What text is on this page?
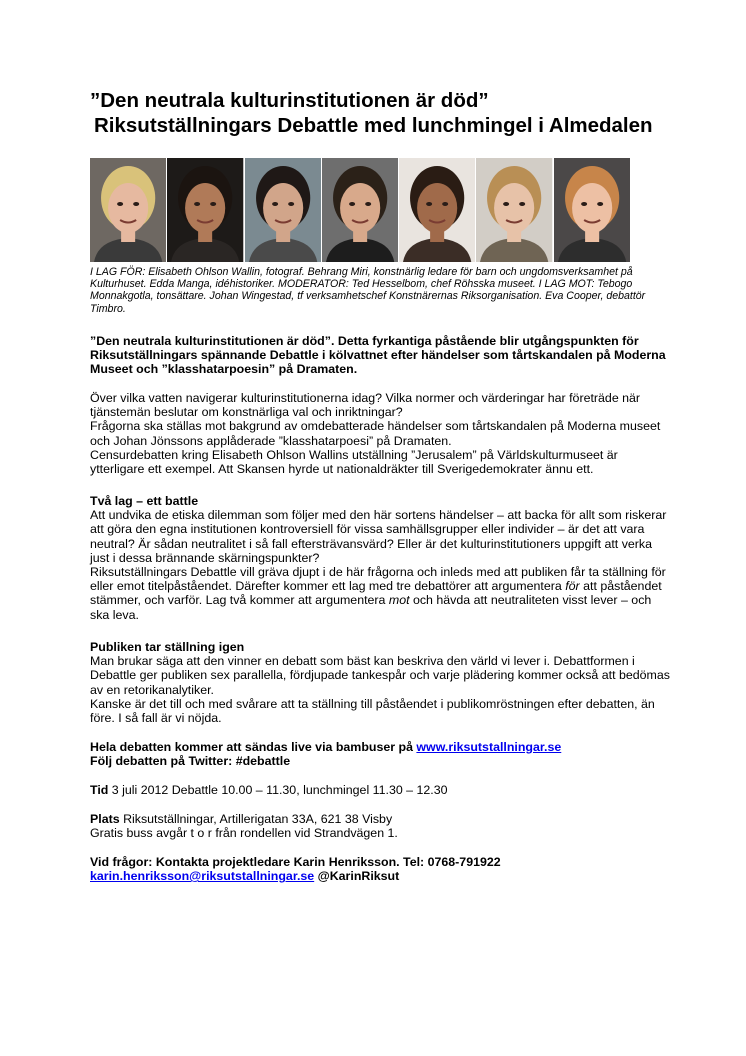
”Den neutrala kulturinstitutionen är död”
Riksutställningars Debattle med lunchmingel i Almedalen

I LAG FÖR: Elisabeth Ohlson Wallin, fotograf. Behrang Miri, konstnärlig ledare för barn och ungdomsverksamhet på Kulturhuset. Edda Manga, idéhistoriker. MODERATOR: Ted Hesselbom, chef Röhsska museet. I LAG MOT: Tebogo Monnakgotla, tonsättare. Johan Wingestad, tf verksamhetschef Konstnärernas Riksorganisation. Eva Cooper, debattör Timbro.

”Den neutrala kulturinstitutionen är död”. Detta fyrkantiga påstående blir utgångspunkten för Riksutställningars spännande Debattle i kölvattnet efter händelser som tårtskandalen på Moderna Museet och ”klasshatarpoesin” på Dramaten.

Över vilka vatten navigerar kulturinstitutionerna idag? Vilka normer och värderingar har företräde när tjänstemän beslutar om konstnärliga val och inriktningar?

Frågorna ska ställas mot bakgrund av omdebatterade händelser som tårtskandalen på Moderna museet och Johan Jönssons applåderade ”klasshatarpoesi” på Dramaten.

Censurdebatten kring Elisabeth Ohlson Wallins utställning ”Jerusalem” på Världskulturmuseet är ytterligare ett exempel. Att Skansen hyrde ut nationaldräkter till Sverigedemokrater ännu ett.

Två lag – ett battle

Att undvika de etiska dilemman som följer med den här sortens händelser – att backa för allt som riskerar att göra den egna institutionen kontroversiell för vissa samhällsgrupper eller individer – är det att vara neutral? Är sådan neutralitet i så fall eftersträvansvärd? Eller är det kulturinstitutioners uppgift att verka just i dessa brännande skärningspunkter?

Riksutställningars Debattle vill gräva djupt i de här frågorna och inleds med att publiken får ta ställning för eller emot titelpåståendet. Därefter kommer ett lag med tre debattörer att argumentera för att påståendet stämmer, och varför. Lag två kommer att argumentera mot och hävda att neutraliteten visst lever – och ska leva.

Publiken tar ställning igen

Man brukar säga att den vinner en debatt som bäst kan beskriva den värld vi lever i. Debattformen i Debattle ger publiken sex parallella, fördjupade tankespår och varje plädering kommer också att bedömas av en retorikanalytiker.

Kanske är det till och med svårare att ta ställning till påståendet i publikomröstningen efter debatten, än före. I så fall är vi nöjda.

Hela debatten kommer att sändas live via bambuser på www.riksutstallningar.se

Följ debatten på Twitter: #debattle

Tid 3 juli 2012 Debattle 10.00 – 11.30, lunchmingel 11.30 – 12.30

Plats Riksutställningar, Artillerigatan 33A, 621 38 Visby

Gratis buss avgår t o r från rondellen vid Strandvägen 1.

Vid frågor: Kontakta projektledare Karin Henriksson. Tel: 0768-791922

karin.henriksson@riksutstallningar.se @KarinRiksut
